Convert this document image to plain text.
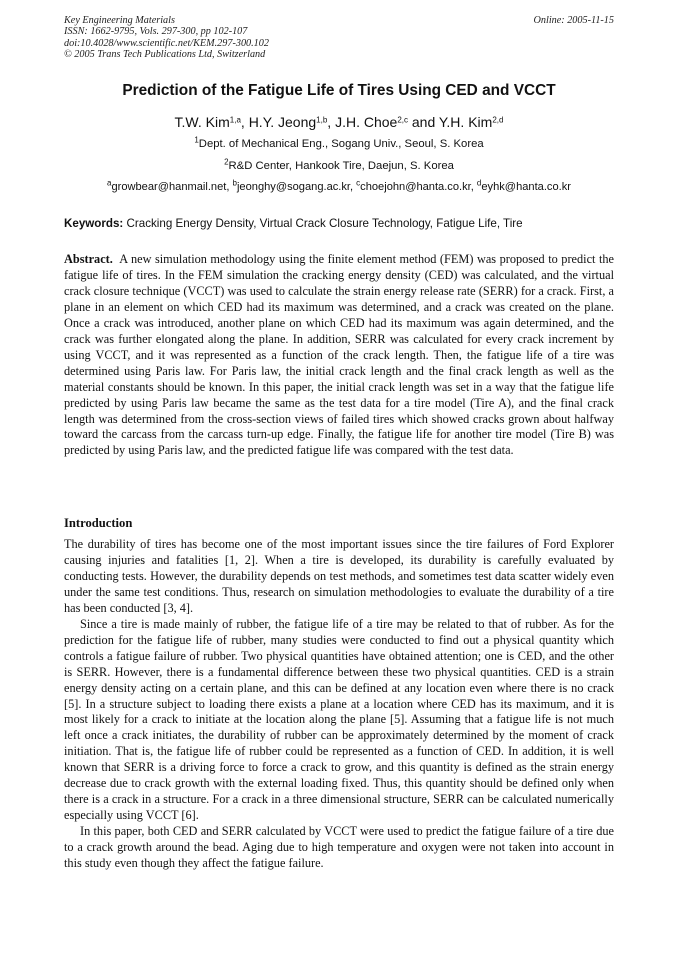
Key Engineering Materials
ISSN: 1662-9795, Vols. 297-300, pp 102-107
doi:10.4028/www.scientific.net/KEM.297-300.102
© 2005 Trans Tech Publications Ltd, Switzerland
Online: 2005-11-15
Prediction of the Fatigue Life of Tires Using CED and VCCT
T.W. Kim$^{1,a}$, H.Y. Jeong$^{1,b}$, J.H. Choe$^{2,c}$ and Y.H. Kim$^{2,d}$
$^1$Dept. of Mechanical Eng., Sogang Univ., Seoul, S. Korea
$^2$R&D Center, Hankook Tire, Daejun, S. Korea
$^a$growbear@hanmail.net, $^b$jeonghy@sogang.ac.kr, $^c$choejohn@hanta.co.kr, $^d$eyhk@hanta.co.kr
Keywords: Cracking Energy Density, Virtual Crack Closure Technology, Fatigue Life, Tire
Abstract. A new simulation methodology using the finite element method (FEM) was proposed to predict the fatigue life of tires. In the FEM simulation the cracking energy density (CED) was calculated, and the virtual crack closure technique (VCCT) was used to calculate the strain energy release rate (SERR) for a crack. First, a plane in an element on which CED had its maximum was determined, and a crack was created on the plane. Once a crack was introduced, another plane on which CED had its maximum was again determined, and the crack was further elongated along the plane. In addition, SERR was calculated for every crack increment by using VCCT, and it was represented as a function of the crack length. Then, the fatigue life of a tire was determined using Paris law. For Paris law, the initial crack length and the final crack length as well as the material constants should be known. In this paper, the initial crack length was set in a way that the fatigue life predicted by using Paris law became the same as the test data for a tire model (Tire A), and the final crack length was determined from the cross-section views of failed tires which showed cracks grown about halfway toward the carcass from the carcass turn-up edge. Finally, the fatigue life for another tire model (Tire B) was predicted by using Paris law, and the predicted fatigue life was compared with the test data.
Introduction

The durability of tires has become one of the most important issues since the tire failures of Ford Explorer causing injuries and fatalities [1, 2]. When a tire is developed, its durability is carefully evaluated by conducting tests. However, the durability depends on test methods, and sometimes test data scatter widely even under the same test conditions. Thus, research on simulation methodologies to evaluate the durability of a tire has been conducted [3, 4].

Since a tire is made mainly of rubber, the fatigue life of a tire may be related to that of rubber. As for the prediction for the fatigue life of rubber, many studies were conducted to find out a physical quantity which controls a fatigue failure of rubber. Two physical quantities have obtained attention; one is CED, and the other is SERR. However, there is a fundamental difference between these two physical quantities. CED is a strain energy density acting on a certain plane, and this can be defined at any location even where there is no crack [5]. In a structure subject to loading there exists a plane at a location where CED has its maximum, and it is most likely for a crack to initiate at the location along the plane [5]. Assuming that a fatigue life is not much left once a crack initiates, the durability of rubber can be approximately determined by the moment of crack initiation. That is, the fatigue life of rubber could be represented as a function of CED. In addition, it is well known that SERR is a driving force to force a crack to grow, and this quantity is defined as the strain energy decrease due to crack growth with the external loading fixed. Thus, this quantity should be defined only when there is a crack in a structure. For a crack in a three dimensional structure, SERR can be calculated numerically especially using VCCT [6].

In this paper, both CED and SERR calculated by VCCT were used to predict the fatigue failure of a tire due to a crack growth around the bead. Aging due to high temperature and oxygen were not taken into account in this study even though they affect the fatigue failure.
